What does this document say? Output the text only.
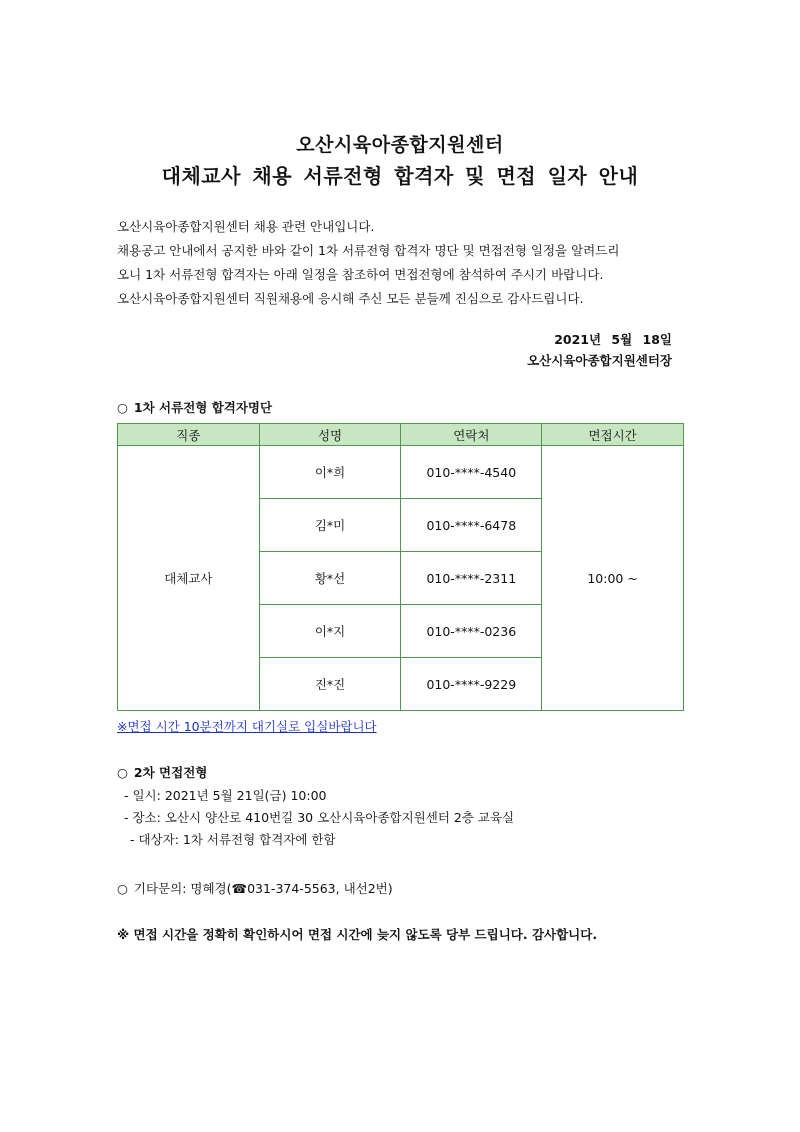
오산시육아종합지원센터
대체교사 채용 서류전형 합격자 및 면접 일자 안내
오산시육아종합지원센터 채용 관련 안내입니다.
채용공고 안내에서 공지한 바와 같이 1차 서류전형 합격자 명단 및 면접전형 일정을 알려드리
오니 1차 서류전형 합격자는 아래 일정을 참조하여 면접전형에 참석하여 주시기 바랍니다.
오산시육아종합지원센터 직원채용에 응시해 주신 모든 분들께 진심으로 감사드립니다.
2021년 5월 18일
오산시육아종합지원센터장
○ 1차 서류전형 합격자명단
직종	성명	연락처	면접시간
대체교사	이*희	010-****-4540	10:00 ~
	김*미	010-****-6478	
	황*선	010-****-2311	
	이*지	010-****-0236	
	진*진	010-****-9229	
※면접 시간 10분전까지 대기실로 입실바랍니다
○ 2차 면접전형
- 일시: 2021년 5월 21일(금) 10:00
- 장소: 오산시 양산로 410번길 30 오산시육아종합지원센터 2층 교육실
- 대상자: 1차 서류전형 합격자에 한함
○ 기타문의: 명혜경(☎031-374-5563, 내선2번)
※ 면접 시간을 정확히 확인하시어 면접 시간에 늦지 않도록 당부 드립니다. 감사합니다.
